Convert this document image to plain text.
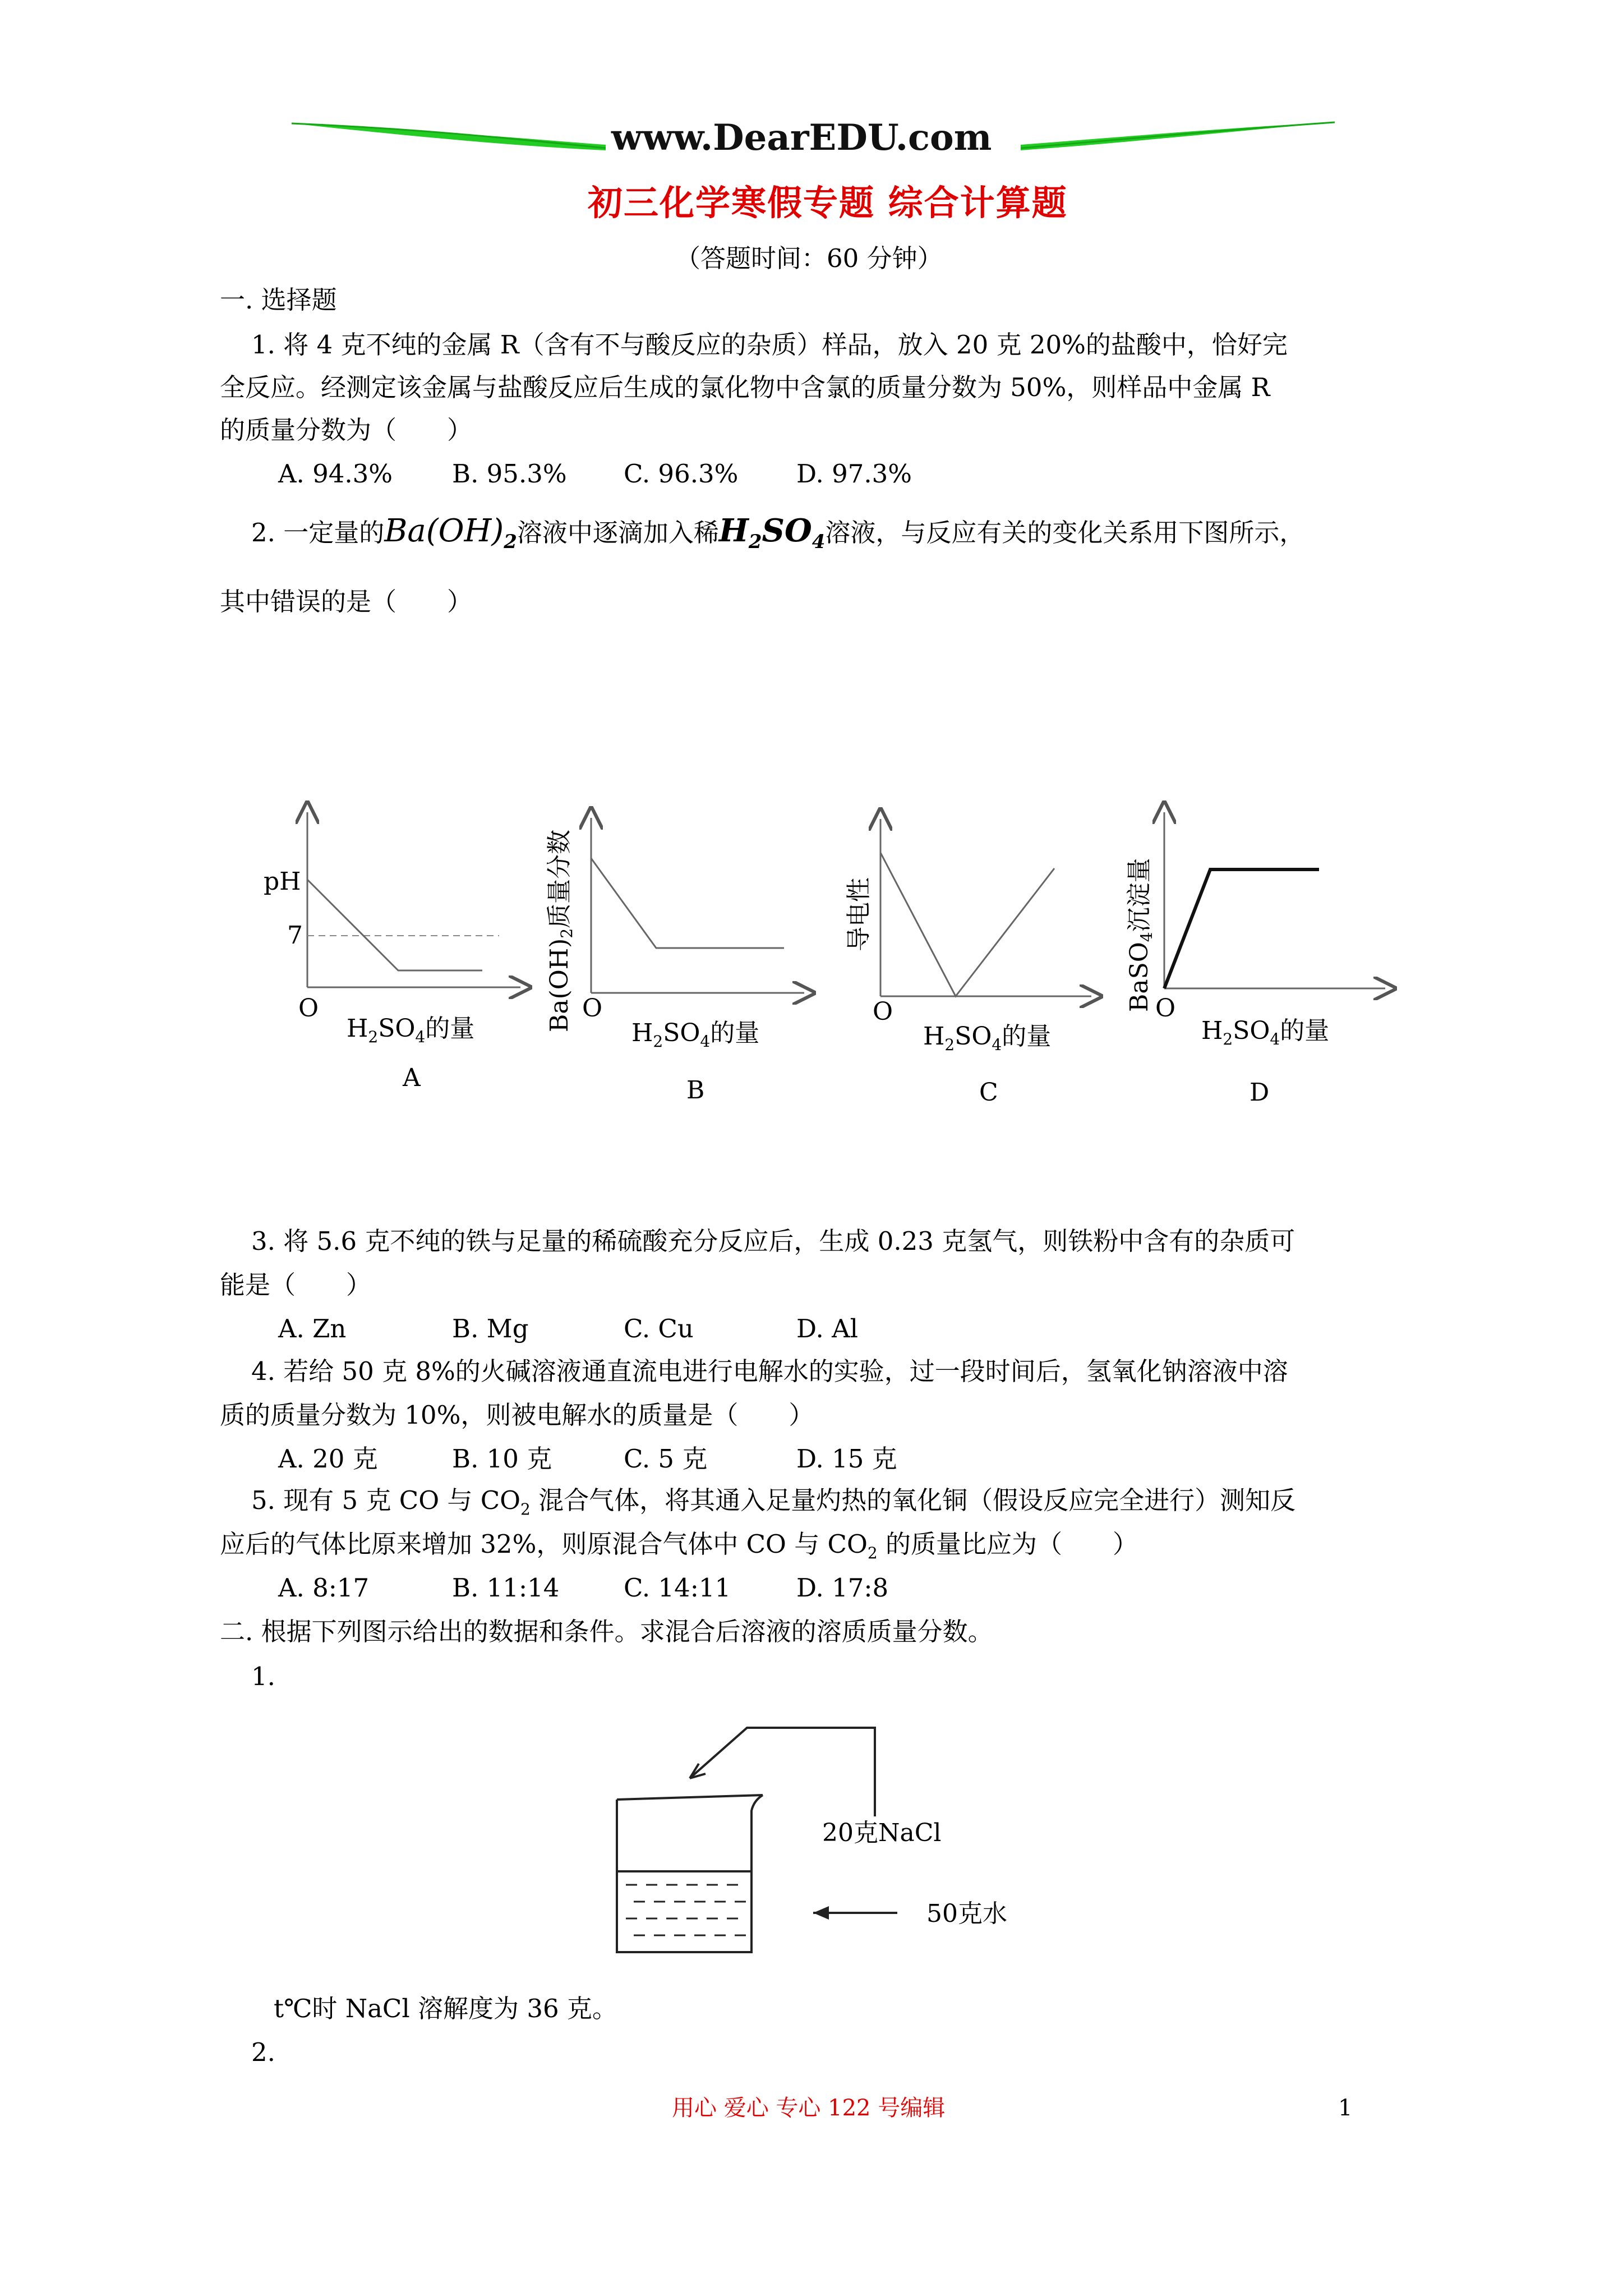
www.DearEDU.com
初三化学寒假专题 综合计算题
（答题时间：60 分钟）
一. 选择题
1. 将 4 克不纯的金属 R（含有不与酸反应的杂质）样品，放入 20 克 20%的盐酸中，恰好完
全反应。经测定该金属与盐酸反应后生成的氯化物中含氯的质量分数为 50%，则样品中金属 R
的质量分数为（　　）
A. 94.3% B. 95.3% C. 96.3% D. 97.3%
2. 一定量的$Ba(OH)_2$溶液中逐滴加入稀$H_2SO_4$溶液，与反应有关的变化关系用下图所示，
其中错误的是（　　）
pH
7
O
$H_2SO_4$的量
A
Ba(OH)2质量分数
O
$H_2SO_4$的量
B
导电性
O
$H_2SO_4$的量
C
BaSO4沉淀量
O
$H_2SO_4$的量
D
3. 将 5.6 克不纯的铁与足量的稀硫酸充分反应后，生成 0.23 克氢气，则铁粉中含有的杂质可
能是（　　）
A. Zn	B. Mg	C. Cu	D. Al
4. 若给 50 克 8%的火碱溶液通直流电进行电解水的实验，过一段时间后，氢氧化钠溶液中溶
质的质量分数为 10%，则被电解水的质量是（　　）
A. 20 克	B. 10 克	C. 5 克	D. 15 克
5. 现有 5 克 CO 与 $CO_2$ 混合气体，将其通入足量灼热的氧化铜（假设反应完全进行）测知反
应后的气体比原来增加 32%，则原混合气体中 CO 与 $CO_2$ 的质量比应为（　　）
A. 8:17	B. 11:14	C. 14:11	D. 17:8
二. 根据下列图示给出的数据和条件。求混合后溶液的溶质质量分数。
1.
20克NaCl
50克水
t℃时 NaCl 溶解度为 36 克。
2.
用心 爱心 专心 122 号编辑	1
